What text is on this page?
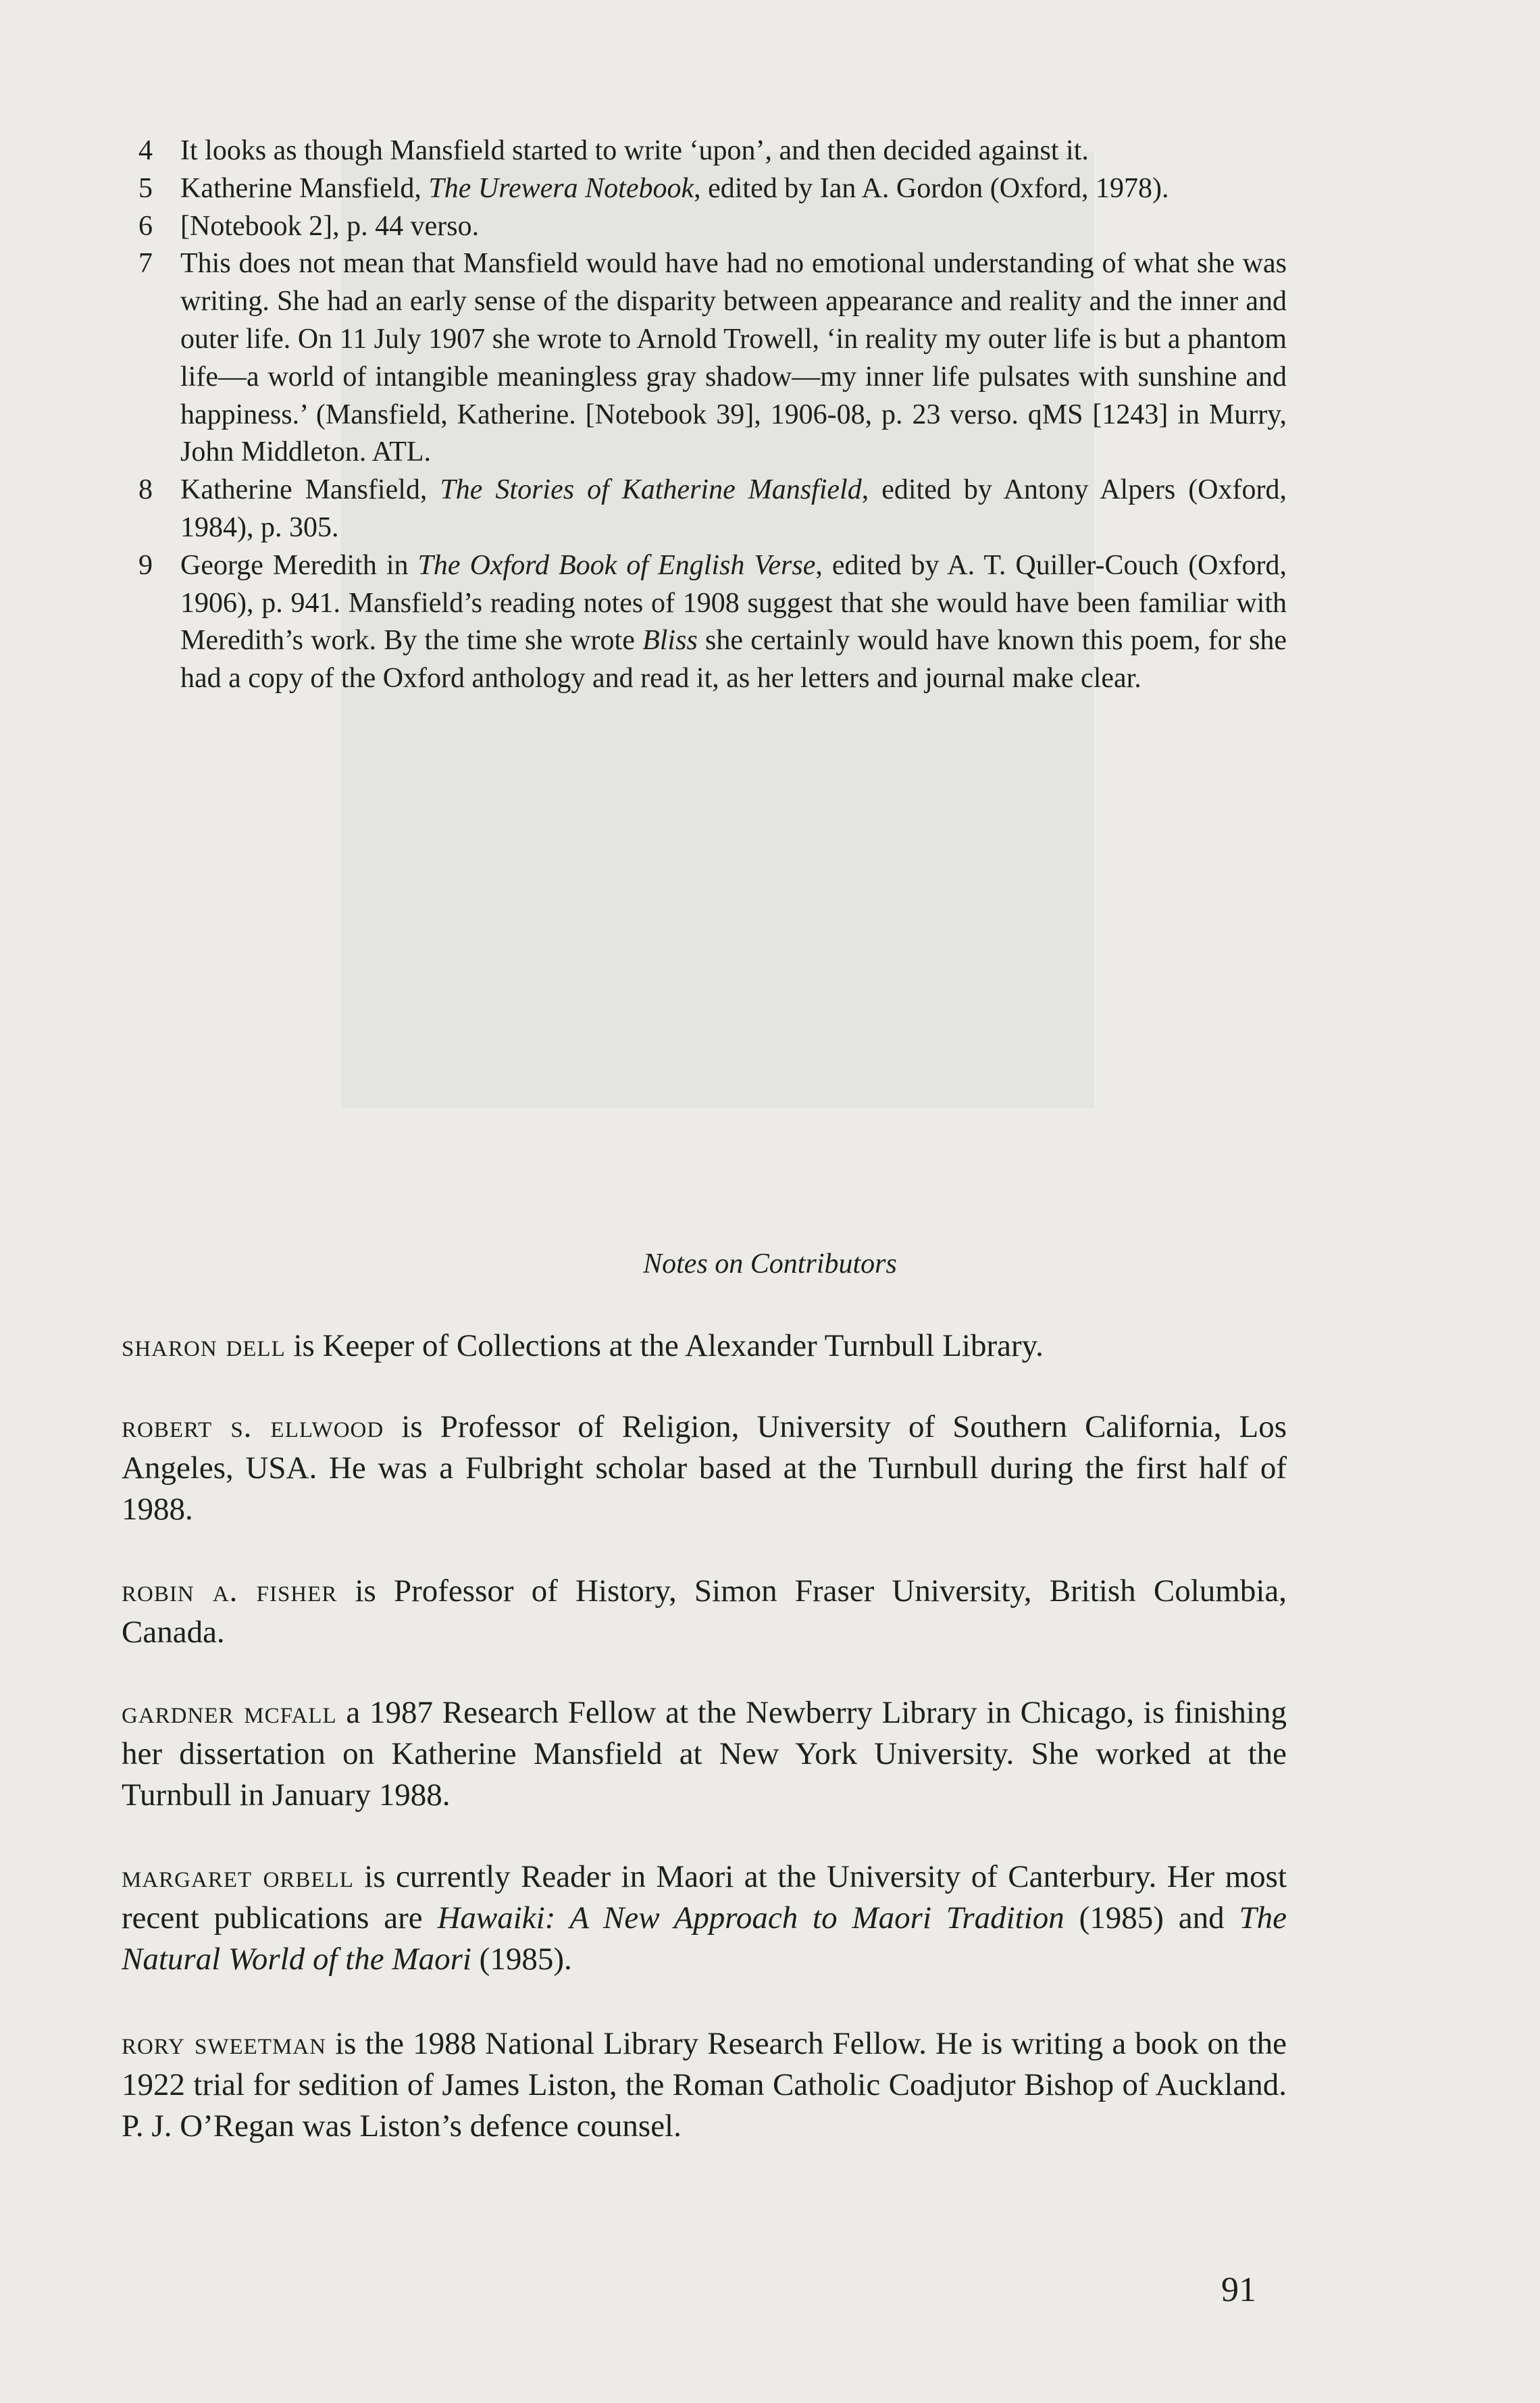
4 It looks as though Mansfield started to write ‘upon’, and then decided against it.
5 Katherine Mansfield, The Urewera Notebook, edited by Ian A. Gordon (Oxford, 1978).
6 [Notebook 2], p. 44 verso.
7 This does not mean that Mansfield would have had no emotional understanding of what she was writing. She had an early sense of the disparity between appearance and reality and the inner and outer life. On 11 July 1907 she wrote to Arnold Trowell, ‘in reality my outer life is but a phantom life—a world of intangible meaningless gray shadow—my inner life pulsates with sunshine and happiness.’ (Mansfield, Katherine. [Notebook 39], 1906-08, p. 23 verso. qMS [1243] in Murry, John Middleton. ATL.
8 Katherine Mansfield, The Stories of Katherine Mansfield, edited by Antony Alpers (Oxford, 1984), p. 305.
9 George Meredith in The Oxford Book of English Verse, edited by A. T. Quiller-Couch (Oxford, 1906), p. 941. Mansfield’s reading notes of 1908 suggest that she would have been familiar with Meredith’s work. By the time she wrote Bliss she certainly would have known this poem, for she had a copy of the Oxford anthology and read it, as her letters and journal make clear.
Notes on Contributors

sharon dell is Keeper of Collections at the Alexander Turnbull Library.

robert s. ellwood is Professor of Religion, University of Southern California, Los Angeles, USA. He was a Fulbright scholar based at the Turnbull during the first half of 1988.

robin a. fisher is Professor of History, Simon Fraser University, British Columbia, Canada.

gardner mcfall a 1987 Research Fellow at the Newberry Library in Chicago, is finishing her dissertation on Katherine Mansfield at New York University. She worked at the Turnbull in January 1988.

margaret orbell is currently Reader in Maori at the University of Canterbury. Her most recent publications are Hawaiki: A New Approach to Maori Tradition (1985) and The Natural World of the Maori (1985).

rory sweetman is the 1988 National Library Research Fellow. He is writing a book on the 1922 trial for sedition of James Liston, the Roman Catholic Coadjutor Bishop of Auckland. P. J. O’Regan was Liston’s defence counsel.

91
